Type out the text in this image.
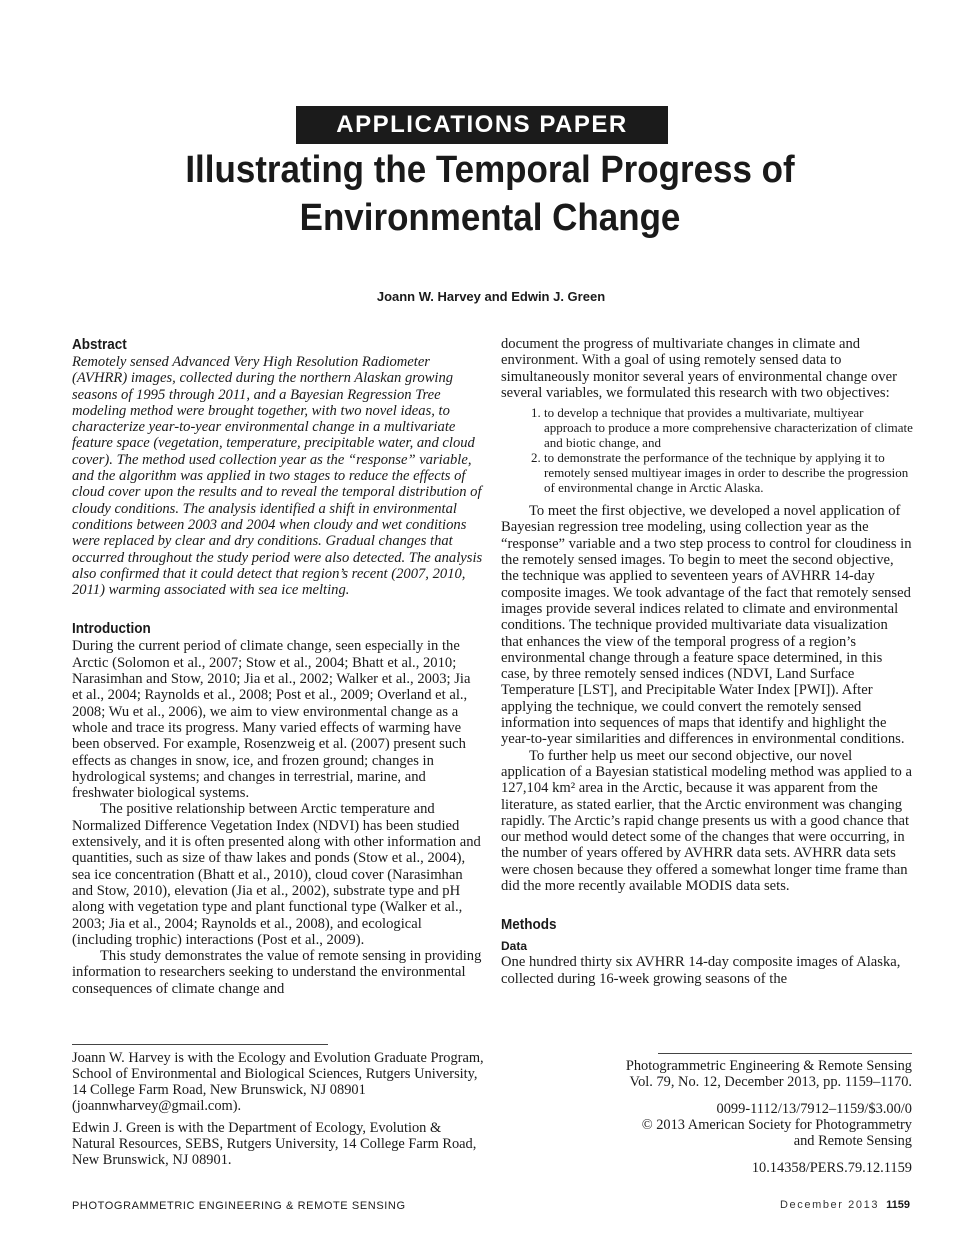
APPLICATIONS PAPER
Illustrating the Temporal Progress of
Environmental Change
Joann W. Harvey and Edwin J. Green
Abstract

Remotely sensed Advanced Very High Resolution Radiometer (AVHRR) images, collected during the northern Alaskan growing seasons of 1995 through 2011, and a Bayesian Regression Tree modeling method were brought together, with two novel ideas, to characterize year-to-year environmental change in a multivariate feature space (vegetation, temperature, precipitable water, and cloud cover). The method used collection year as the “response” variable, and the algorithm was applied in two stages to reduce the effects of cloud cover upon the results and to reveal the temporal distribution of cloudy conditions. The analysis identified a shift in environmental conditions between 2003 and 2004 when cloudy and wet conditions were replaced by clear and dry conditions. Gradual changes that occurred throughout the study period were also detected. The analysis also confirmed that it could detect that region’s recent (2007, 2010, 2011) warming associated with sea ice melting.

Introduction

During the current period of climate change, seen especially in the Arctic (Solomon et al., 2007; Stow et al., 2004; Bhatt et al., 2010; Narasimhan and Stow, 2010; Jia et al., 2002; Walker et al., 2003; Jia et al., 2004; Raynolds et al., 2008; Post et al., 2009; Overland et al., 2008; Wu et al., 2006), we aim to view environmental change as a whole and trace its progress. Many varied effects of warming have been observed. For example, Rosenzweig et al. (2007) present such effects as changes in snow, ice, and frozen ground; changes in hydrological systems; and changes in terrestrial, marine, and freshwater biological systems.

The positive relationship between Arctic temperature and Normalized Difference Vegetation Index (NDVI) has been studied extensively, and it is often presented along with other information and quantities, such as size of thaw lakes and ponds (Stow et al., 2004), sea ice concentration (Bhatt et al., 2010), cloud cover (Narasimhan and Stow, 2010), elevation (Jia et al., 2002), substrate type and pH along with vegetation type and plant functional type (Walker et al., 2003; Jia et al., 2004; Raynolds et al., 2008), and ecological (including trophic) interactions (Post et al., 2009).

This study demonstrates the value of remote sensing in providing information to researchers seeking to understand the environmental consequences of climate change and

document the progress of multivariate changes in climate and environment. With a goal of using remotely sensed data to simultaneously monitor several years of environmental change over several variables, we formulated this research with two objectives:

1. to develop a technique that provides a multivariate, multiyear approach to produce a more comprehensive characterization of climate and biotic change, and
2. to demonstrate the performance of the technique by applying it to remotely sensed multiyear images in order to describe the progression of environmental change in Arctic Alaska.

To meet the first objective, we developed a novel application of Bayesian regression tree modeling, using collection year as the “response” variable and a two step process to control for cloudiness in the remotely sensed images. To begin to meet the second objective, the technique was applied to seventeen years of AVHRR 14-day composite images. We took advantage of the fact that remotely sensed images provide several indices related to climate and environmental conditions. The technique provided multivariate data visualization that enhances the view of the temporal progress of a region’s environmental change through a feature space determined, in this case, by three remotely sensed indices (NDVI, Land Surface Temperature [LST], and Precipitable Water Index [PWI]). After applying the technique, we could convert the remotely sensed information into sequences of maps that identify and highlight the year-to-year similarities and differences in environmental conditions.

To further help us meet our second objective, our novel application of a Bayesian statistical modeling method was applied to a 127,104 km² area in the Arctic, because it was apparent from the literature, as stated earlier, that the Arctic environment was changing rapidly. The Arctic’s rapid change presents us with a good chance that our method would detect some of the changes that were occurring, in the number of years offered by AVHRR data sets. AVHRR data sets were chosen because they offered a somewhat longer time frame than did the more recently available MODIS data sets.

Methods
Data

One hundred thirty six AVHRR 14-day composite images of Alaska, collected during 16-week growing seasons of the

Joann W. Harvey is with the Ecology and Evolution Graduate Program, School of Environmental and Biological Sciences, Rutgers University, 14 College Farm Road, New Brunswick, NJ 08901 (joannwharvey@gmail.com).

Edwin J. Green is with the Department of Ecology, Evolution & Natural Resources, SEBS, Rutgers University, 14 College Farm Road, New Brunswick, NJ 08901.

Photogrammetric Engineering & Remote Sensing
Vol. 79, No. 12, December 2013, pp. 1159–1170.
0099-1112/13/7912–1159/$3.00/0
© 2013 American Society for Photogrammetry
and Remote Sensing
10.14358/PERS.79.12.1159
PHOTOGRAMMETRIC ENGINEERING & REMOTE SENSING	December 2013 1159
